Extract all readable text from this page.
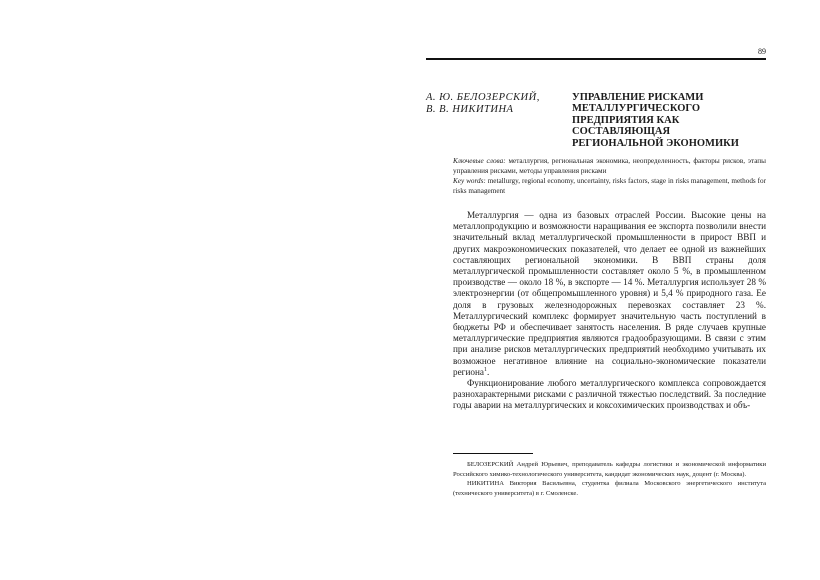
89
А. Ю. БЕЛОЗЕРСКИЙ,
В. В. НИКИТИНА
УПРАВЛЕНИЕ РИСКАМИ
МЕТАЛЛУРГИЧЕСКОГО
ПРЕДПРИЯТИЯ КАК
СОСТАВЛЯЮЩАЯ
РЕГИОНАЛЬНОЙ ЭКОНОМИКИ
Ключевые слова: металлургия, региональная экономика, неопределенность, факторы рисков, этапы управления рисками, методы управления рисками
Key words: metallurgy, regional economy, uncertainty, risks factors, stage in risks management, methods for risks management

Металлургия — одна из базовых отраслей России. Высокие цены на металлопродукцию и возможности наращивания ее экспорта позволили внести значительный вклад металлургической промышленности в прирост ВВП и других макроэкономических показателей, что делает ее одной из важнейших составляющих региональной экономики. В ВВП страны доля металлургической промышленности составляет около 5 %, в промышленном производстве — около 18 %, в экспорте — 14 %. Металлургия использует 28 % электроэнергии (от общепромышленного уровня) и 5,4 % природного газа. Ее доля в грузовых железнодорожных перевозках составляет 23 %. Металлургический комплекс формирует значительную часть поступлений в бюджеты РФ и обеспечивает занятость населения. В ряде случаев крупные металлургические предприятия являются градообразующими. В связи с этим при анализе рисков металлургических предприятий необходимо учитывать их возможное негативное влияние на социально-экономические показатели региона$^1$.

Функционирование любого металлургического комплекса сопровождается разнохарактерными рисками с различной тяжестью последствий. За последние годы аварии на металлургических и коксохимических производствах и объ-

БЕЛОЗЕРСКИЙ Андрей Юрьевич, преподаватель кафедры логистики и экономической информатики Российского химико-технологического университета, кандидат экономических наук, доцент (г. Москва).

НИКИТИНА Виктория Васильевна, студентка филиала Московского энергетического института (технического университета) в г. Смоленске.
